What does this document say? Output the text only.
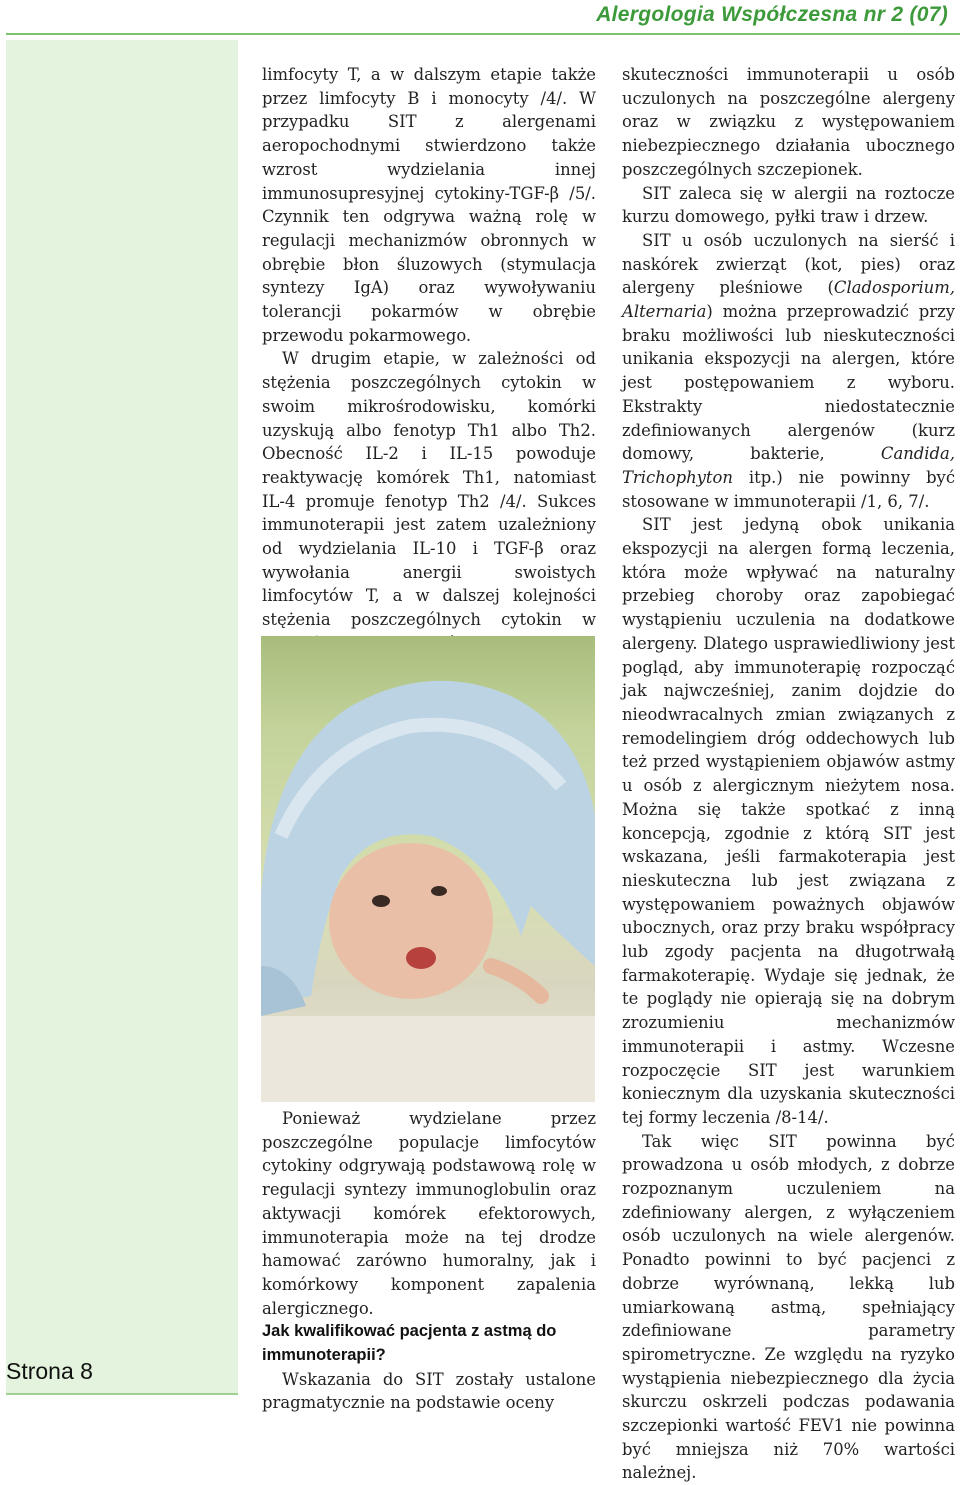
Alergologia Współczesna nr 2 (07)
Strona 8

limfocyty T, a w dalszym etapie także przez limfocyty B i monocyty /4/. W przypadku SIT z alergenami aeropochodnymi stwierdzono także wzrost wydzielania innej immunosupresyjnej cytokiny-TGF-β /5/. Czynnik ten odgrywa ważną rolę w regulacji mechanizmów obronnych w obrębie błon śluzowych (stymulacja syntezy IgA) oraz wywoływaniu tolerancji pokarmów w obrębie przewodu pokarmowego.

W drugim etapie, w zależności od stężenia poszczególnych cytokin w swoim mikrośrodowisku, komórki uzyskują albo fenotyp Th1 albo Th2. Obecność IL-2 i IL-15 powoduje reaktywację komórek Th1, natomiast IL-4 promuje fenotyp Th2 /4/. Sukces immunoterapii jest zatem uzależniony od wydzielania IL-10 i TGF-β oraz wywołania anergii swoistych limfocytów T, a w dalszej kolejności stężenia poszczególnych cytokin w

Ponieważ wydzielane przez poszczególne populacje limfocytów cytokiny odgrywają podstawową rolę w regulacji syntezy immunoglobulin oraz aktywacji komórek efektorowych, immunoterapia może na tej drodze hamować zarówno humoralny, jak i komórkowy komponent zapalenia alergicznego.

Jak kwalifikować pacjenta z astmą do immunoterapii?

Wskazania do SIT zostały ustalone pragmatycznie na podstawie oceny

skuteczności immunoterapii u osób uczulonych na poszczególne alergeny oraz w związku z występowaniem niebezpiecznego działania ubocznego poszczególnych szczepionek.

SIT zaleca się w alergii na roztocze kurzu domowego, pyłki traw i drzew.

SIT u osób uczulonych na sierść i naskórek zwierząt (kot, pies) oraz alergeny pleśniowe (Cladosporium, Alternaria) można przeprowadzić przy braku możliwości lub nieskuteczności unikania ekspozycji na alergen, które jest postępowaniem z wyboru. Ekstrakty niedostatecznie zdefiniowanych alergenów (kurz domowy, bakterie, Candida, Trichophyton itp.) nie powinny być stosowane w immunoterapii /1, 6, 7/.

SIT jest jedyną obok unikania ekspozycji na alergen formą leczenia, która może wpływać na naturalny przebieg choroby oraz zapobiegać wystąpieniu uczulenia na dodatkowe alergeny. Dlatego usprawiedliwiony jest pogląd, aby immunoterapię rozpocząć jak najwcześniej, zanim dojdzie do nieodwracalnych zmian związanych z remodelingiem dróg oddechowych lub też przed wystąpieniem objawów astmy u osób z alergicznym nieżytem nosa. Można się także spotkać z inną koncepcją, zgodnie z którą SIT jest wskazana, jeśli farmakoterapia jest nieskuteczna lub jest związana z występowaniem poważnych objawów ubocznych, oraz przy braku współpracy lub zgody pacjenta na długotrwałą farmakoterapię. Wydaje się jednak, że te poglądy nie opierają się na dobrym zrozumieniu mechanizmów immunoterapii i astmy. Wczesne rozpoczęcie SIT jest warunkiem koniecznym dla uzyskania skuteczności tej formy leczenia /8-14/.

Tak więc SIT powinna być prowadzona u osób młodych, z dobrze rozpoznanym uczuleniem na zdefiniowany alergen, z wyłączeniem osób uczulonych na wiele alergenów. Ponadto powinni to być pacjenci z dobrze wyrównaną, lekką lub umiarkowaną astmą, spełniający zdefiniowane parametry spirometryczne. Ze względu na ryzyko wystąpienia niebezpiecznego dla życia skurczu oskrzeli podczas podawania szczepionki wartość FEV1 nie powinna być mniejsza niż 70% wartości należnej.
